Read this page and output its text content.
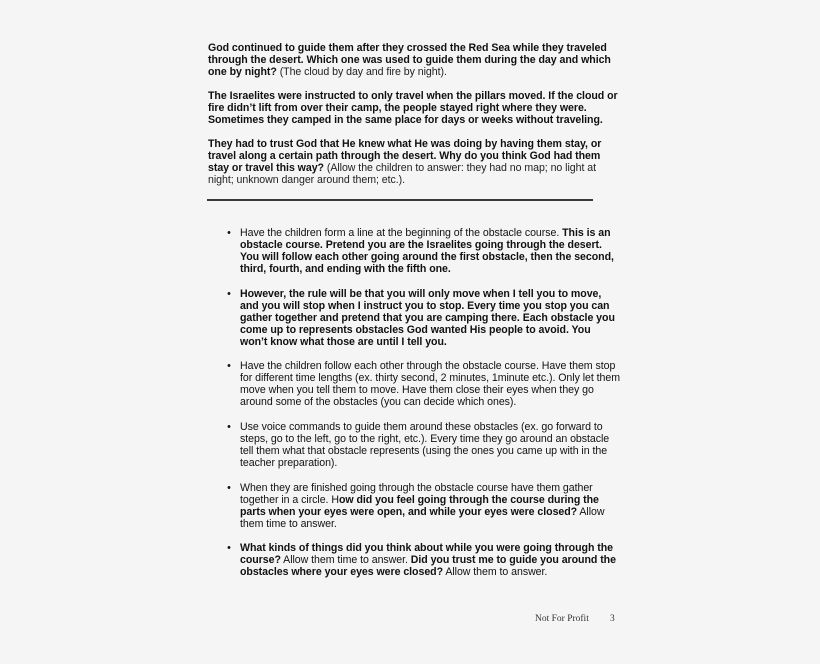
God continued to guide them after they crossed the Red Sea while they traveled through the desert. Which one was used to guide them during the day and which one by night? (The cloud by day and fire by night).

The Israelites were instructed to only travel when the pillars moved. If the cloud or fire didn’t lift from over their camp, the people stayed right where they were. Sometimes they camped in the same place for days or weeks without traveling.

They had to trust God that He knew what He was doing by having them stay, or travel along a certain path through the desert. Why do you think God had them stay or travel this way? (Allow the children to answer: they had no map; no light at night; unknown danger around them; etc.).

• Have the children form a line at the beginning of the obstacle course. This is an obstacle course. Pretend you are the Israelites going through the desert. You will follow each other going around the first obstacle, then the second, third, fourth, and ending with the fifth one.
• However, the rule will be that you will only move when I tell you to move, and you will stop when I instruct you to stop. Every time you stop you can gather together and pretend that you are camping there. Each obstacle you come up to represents obstacles God wanted His people to avoid. You won’t know what those are until I tell you.
• Have the children follow each other through the obstacle course. Have them stop for different time lengths (ex. thirty second, 2 minutes, 1minute etc.). Only let them move when you tell them to move. Have them close their eyes when they go around some of the obstacles (you can decide which ones).
• Use voice commands to guide them around these obstacles (ex. go forward to steps, go to the left, go to the right, etc.). Every time they go around an obstacle tell them what that obstacle represents (using the ones you came up with in the teacher preparation).
• When they are finished going through the obstacle course have them gather together in a circle. How did you feel going through the course during the parts when your eyes were open, and while your eyes were closed? Allow them time to answer.
• What kinds of things did you think about while you were going through the course? Allow them time to answer. Did you trust me to guide you around the obstacles where your eyes were closed? Allow them to answer.
Not For Profit 3
